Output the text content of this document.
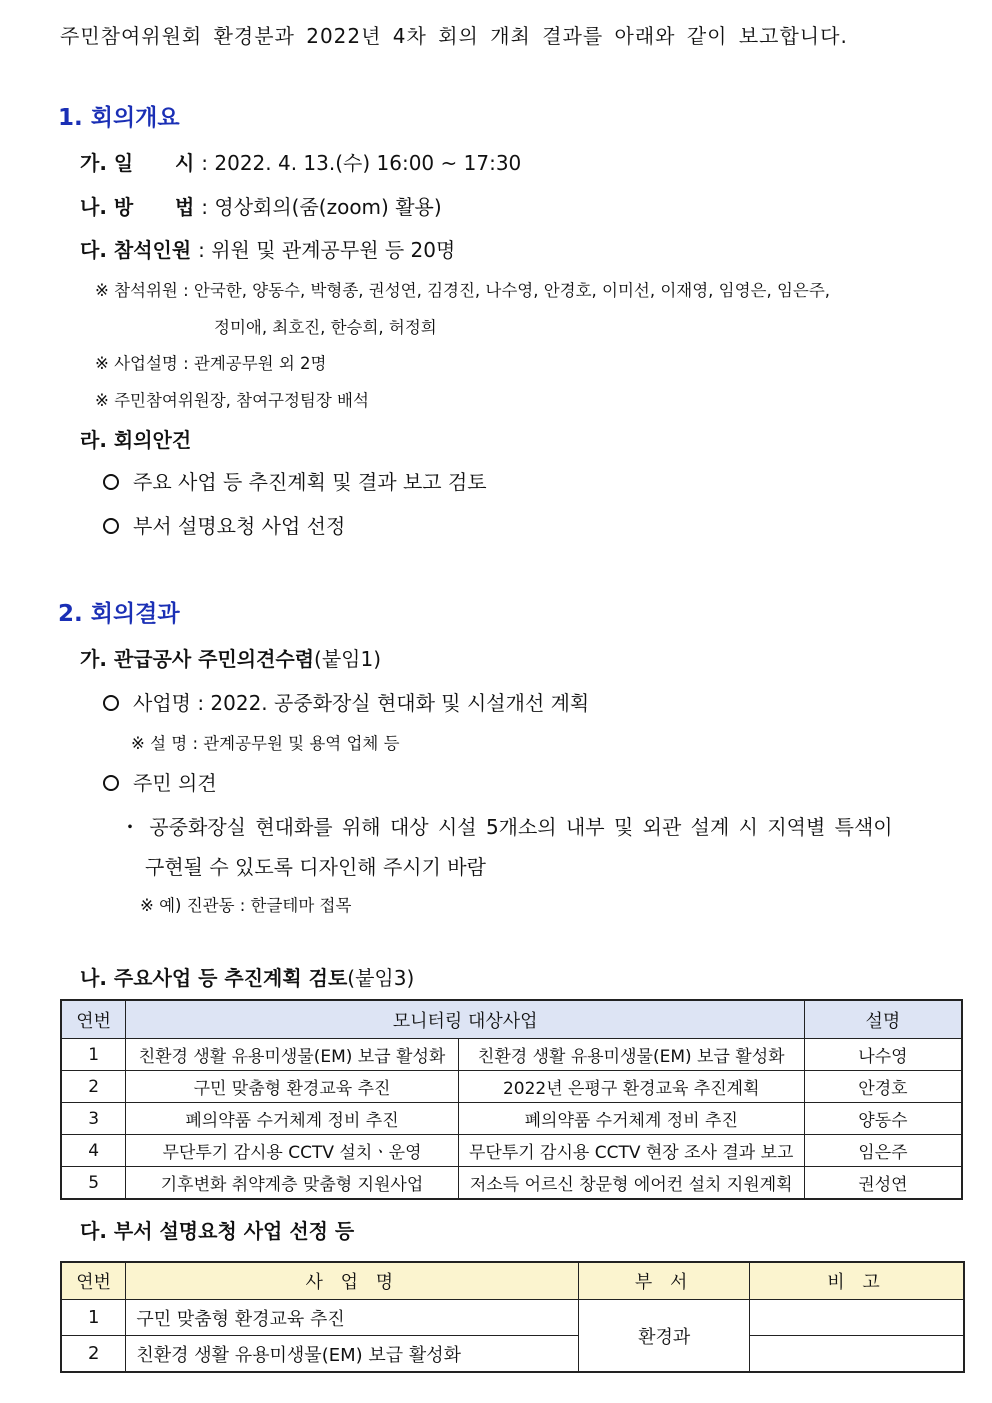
주민참여위원회 환경분과 2022년 4차 회의 개최 결과를 아래와 같이 보고합니다.
1. 회의개요
가. 일      시 : 2022. 4. 13.(수) 16:00 ~ 17:30
나. 방      법 : 영상회의(줌(zoom) 활용)
다. 참석인원 : 위원 및 관계공무원 등 20명
※ 참석위원 : 안국한, 양동수, 박형종, 권성연, 김경진, 나수영, 안경호, 이미선, 이재영, 임영은, 임은주,
정미애, 최호진, 한승희, 허정희
※ 사업설명 : 관계공무원 외 2명
※ 주민참여위원장, 참여구정팀장 배석
라. 회의안건
주요 사업 등 추진계획 및 결과 보고 검토
부서 설명요청 사업 선정
2. 회의결과
가. 관급공사 주민의견수렴(붙임1)
사업명 : 2022. 공중화장실 현대화 및 시설개선 계획
※ 설 명 : 관계공무원 및 용역 업체 등
주민 의견
・ 공중화장실 현대화를 위해 대상 시설 5개소의 내부 및 외관 설계 시 지역별 특색이
구현될 수 있도록 디자인해 주시기 바람
※ 예) 진관동 : 한글테마 접목
나. 주요사업 등 추진계획 검토(붙임3)
연번	모니터링 대상사업		설명
1	친환경 생활 유용미생물(EM) 보급 활성화	친환경 생활 유용미생물(EM) 보급 활성화	나수영
2	구민 맞춤형 환경교육 추진	2022년 은평구 환경교육 추진계획	안경호
3	폐의약품 수거체계 정비 추진	폐의약품 수거체계 정비 추진	양동수
4	무단투기 감시용 CCTV 설치ㆍ운영	무단투기 감시용 CCTV 현장 조사 결과 보고	임은주
5	기후변화 취약계층 맞춤형 지원사업	저소득 어르신 창문형 에어컨 설치 지원계획	권성연
다. 부서 설명요청 사업 선정 등
연번	사 업 명	부 서	비 고
1	구민 맞춤형 환경교육 추진	환경과	
2	친환경 생활 유용미생물(EM) 보급 활성화		
